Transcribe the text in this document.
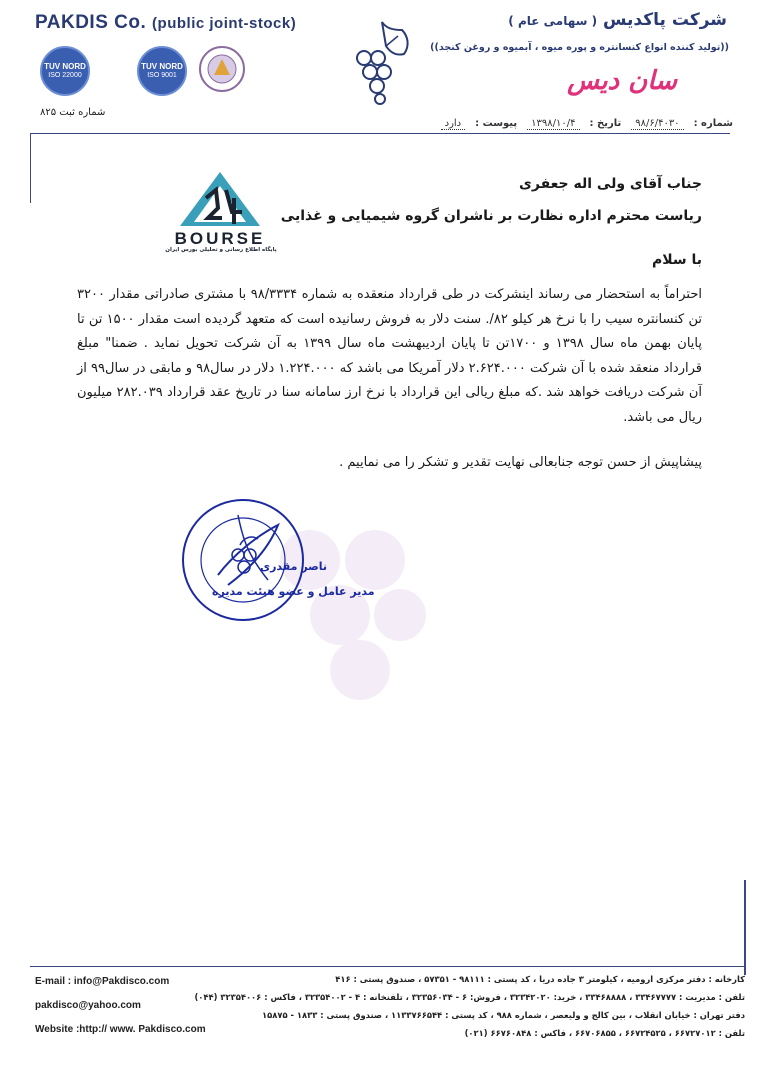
PAKDIS Co. (public joint-stock)
TUV NORD
ISO 22000
TUV NORD
ISO 9001
شماره ثبت ۸۲۵
شرکت پاکدیس ( سهامی عام )
((تولید کننده انواع کنسانتره و پوره میوه ، آبمیوه و روغن کنجد))
سان دیس
شماره :
۹۸/۶/۴۰۳۰
تاریخ :
۱۳۹۸/۱۰/۴
پیوست :
دارد
BOURSE
پایگاه اطلاع رسانی و تحلیلی بورس ایران
جناب آقای ولی اله جعفری
ریاست محترم اداره نظارت بر ناشران گروه شیمیایی و غذایی
با سلام
احتراماً به استحضار می رساند اینشرکت در طی قرارداد منعقده به شماره ۹۸/۳۳۳۴ با مشتری صادراتی مقدار ۳۲۰۰ تن کنسانتره سیب را با نرخ هر کیلو ۸۲/. سنت دلار به فروش رسانیده است که متعهد گردیده است مقدار ۱۵۰۰ تن تا پایان بهمن ماه سال ۱۳۹۸ و ۱۷۰۰تن تا پایان اردیبهشت ماه سال ۱۳۹۹ به آن شرکت تحویل نماید . ضمنا" مبلغ قرارداد منعقد شده با آن شرکت ۲.۶۲۴.۰۰۰ دلار آمریکا می باشد که ۱.۲۲۴.۰۰۰ دلار در سال۹۸ و مابقی در سال۹۹ از آن شرکت دریافت خواهد شد .که مبلغ ریالی این قرارداد با نرخ ارز سامانه سنا در تاریخ عقد قرارداد ۲۸۲.۰۳۹ میلیون ریال می باشد.
پیشاپیش از حسن توجه جنابعالی نهایت تقدیر و تشکر را می نماییم .
ناصر مقدری
مدیر عامل و عضو هیئت مدیره
E-mail : info@Pakdisco.com
pakdisco@yahoo.com
Website :http:// www. Pakdisco.com
کارخانه : دفتر مرکزی ارومیه ، کیلومتر ۳ جاده دریا ، کد پستی : ۹۸۱۱۱ - ۵۷۳۵۱ ، صندوق پستی : ۴۱۶
تلفن : مدیریت : ۳۳۴۶۷۷۷۷ ، ۳۳۴۶۸۸۸۸ ، خرید: ۳۲۳۴۲۰۲۰ ، فروش: ۶ - ۳۲۳۵۶۰۳۴ ، تلفنخانه : ۴ - ۳۲۳۵۴۰۰۲ ، فاکس : ۳۲۳۵۴۰۰۶ (۰۴۴)
دفتر تهران : خیابان انقلاب ، بین کالج و ولیعصر ، شماره ۹۸۸ ، کد پستی : ۱۱۳۳۷۶۶۵۴۴ ، صندوق پستی : ۱۸۳۳ - ۱۵۸۷۵
تلفن : ۶۶۷۲۷۰۱۲ ، ۶۶۷۲۴۵۲۵ ، ۶۶۷۰۶۸۵۵ ، فاکس : ۶۶۷۶۰۸۴۸ (۰۲۱)
